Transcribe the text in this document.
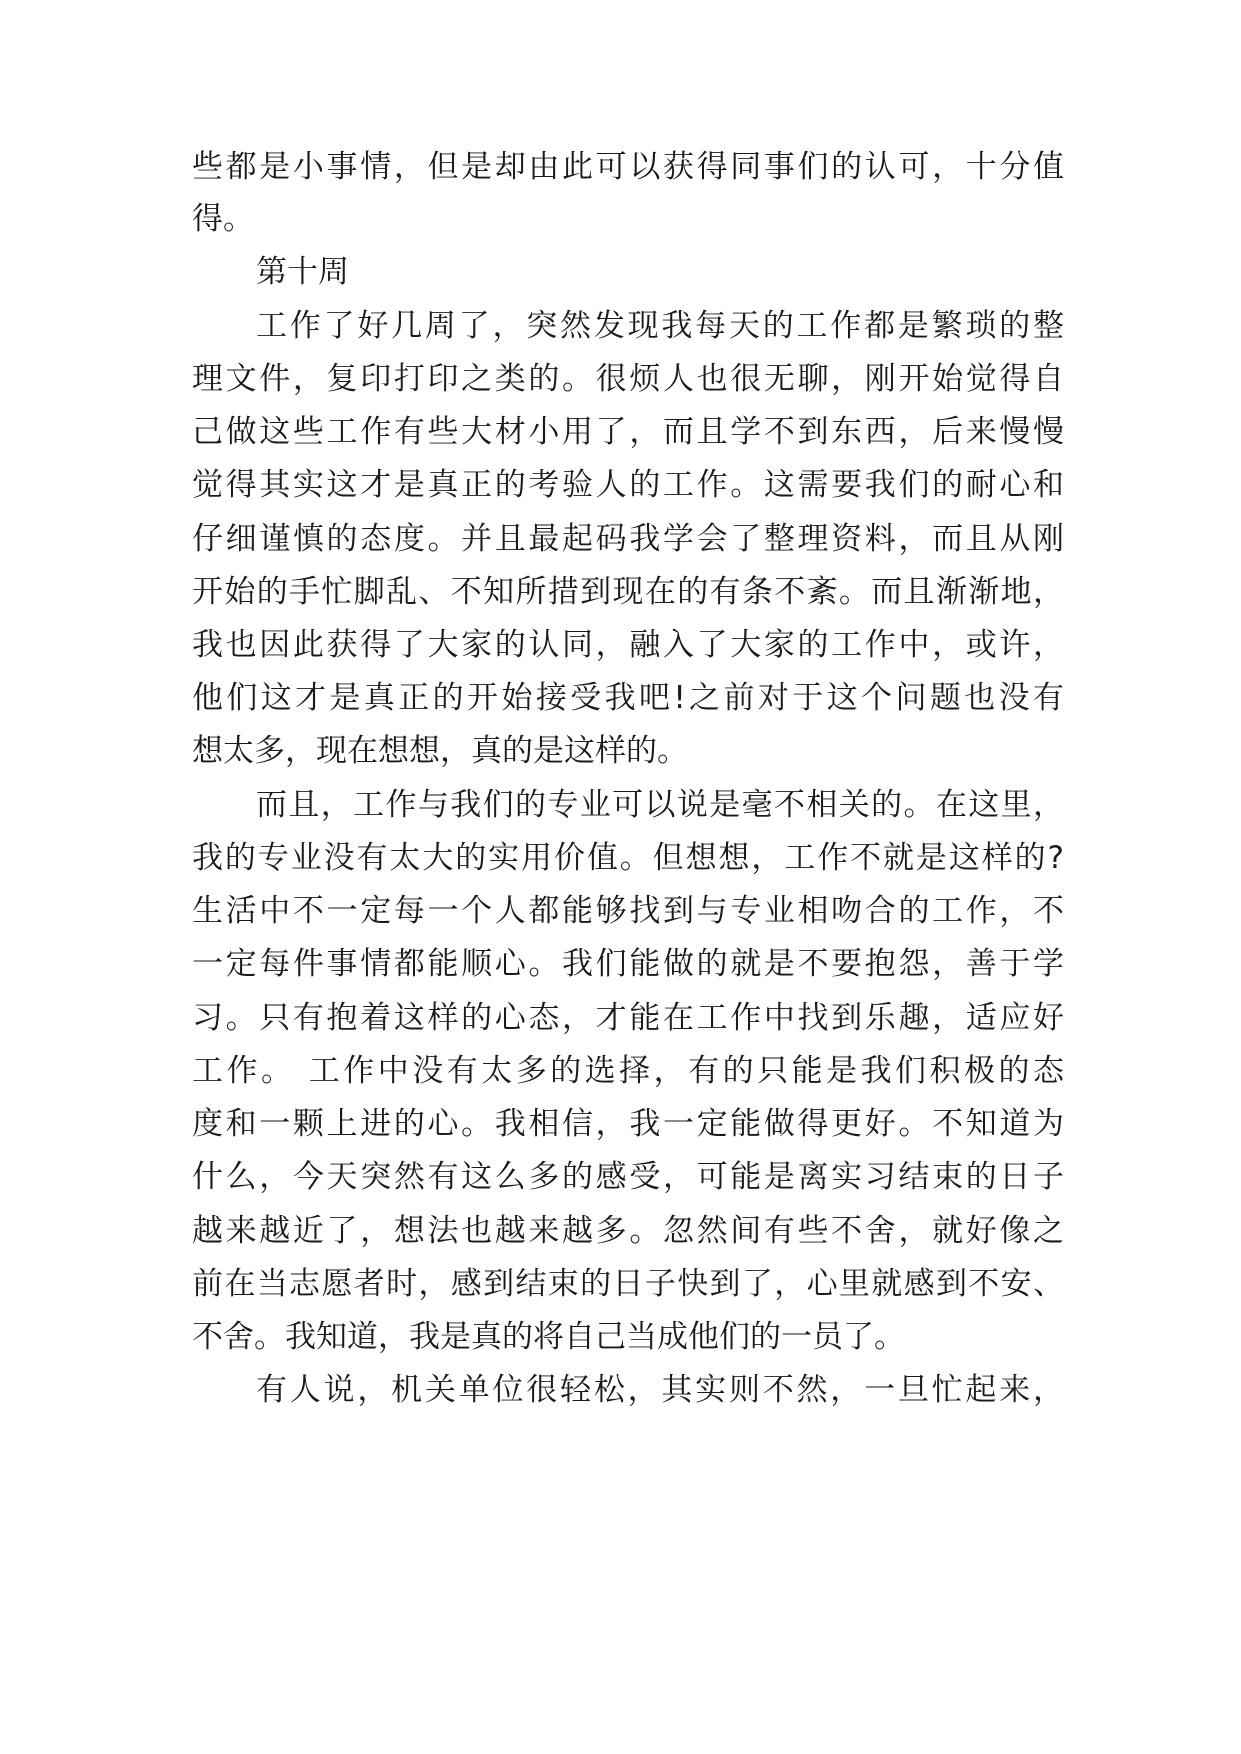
些都是小事情，但是却由此可以获得同事们的认可，十分值
得。
第十周
工作了好几周了，突然发现我每天的工作都是繁琐的整
理文件，复印打印之类的。很烦人也很无聊，刚开始觉得自
己做这些工作有些大材小用了，而且学不到东西，后来慢慢
觉得其实这才是真正的考验人的工作。这需要我们的耐心和
仔细谨慎的态度。并且最起码我学会了整理资料，而且从刚
开始的手忙脚乱、不知所措到现在的有条不紊。而且渐渐地，
我也因此获得了大家的认同，融入了大家的工作中，或许，
他们这才是真正的开始接受我吧!之前对于这个问题也没有
想太多，现在想想，真的是这样的。
而且，工作与我们的专业可以说是毫不相关的。在这里，
我的专业没有太大的实用价值。但想想，工作不就是这样的?
生活中不一定每一个人都能够找到与专业相吻合的工作，不
一定每件事情都能顺心。我们能做的就是不要抱怨，善于学
习。只有抱着这样的心态，才能在工作中找到乐趣，适应好
工作。 工作中没有太多的选择，有的只能是我们积极的态
度和一颗上进的心。我相信，我一定能做得更好。不知道为
什么，今天突然有这么多的感受，可能是离实习结束的日子
越来越近了，想法也越来越多。忽然间有些不舍，就好像之
前在当志愿者时，感到结束的日子快到了，心里就感到不安、
不舍。我知道，我是真的将自己当成他们的一员了。
有人说，机关单位很轻松，其实则不然，一旦忙起来，
